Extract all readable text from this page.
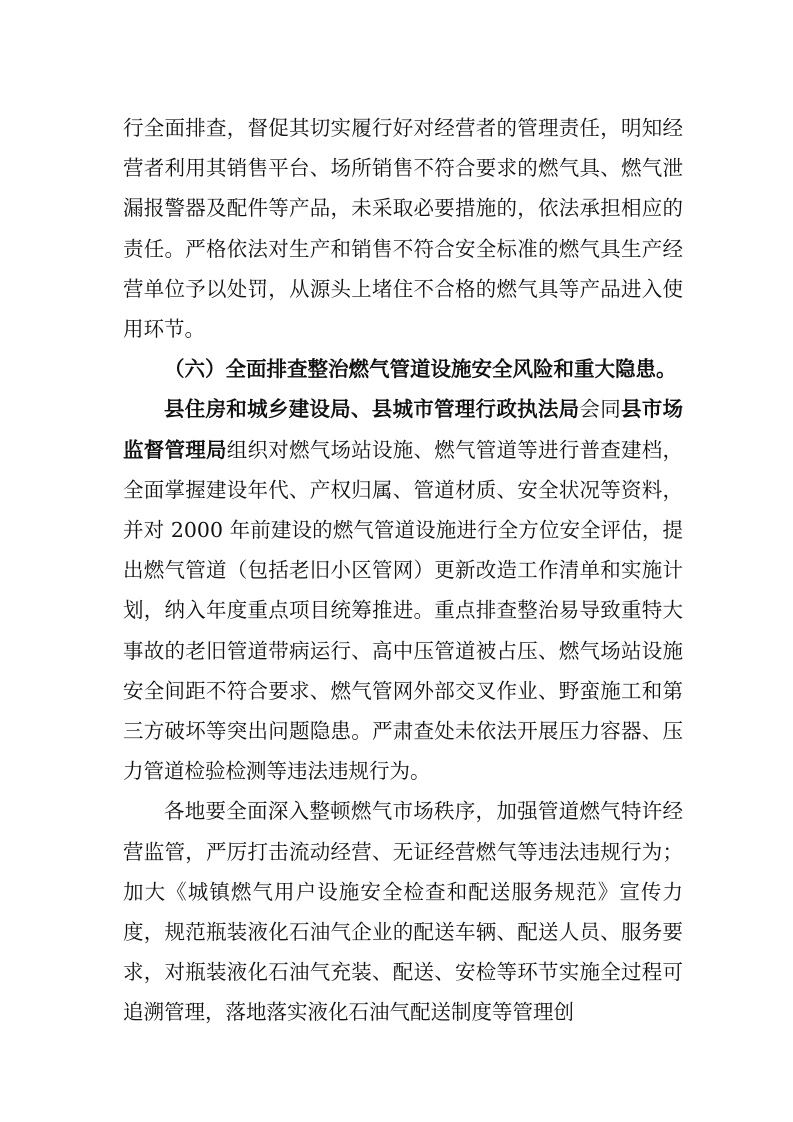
行全面排查，督促其切实履行好对经营者的管理责任，明知经营者利用其销售平台、场所销售不符合要求的燃气具、燃气泄漏报警器及配件等产品，未采取必要措施的，依法承担相应的责任。严格依法对生产和销售不符合安全标准的燃气具生产经营单位予以处罚，从源头上堵住不合格的燃气具等产品进入使用环节。

（六）全面排查整治燃气管道设施安全风险和重大隐患。

县住房和城乡建设局、县城市管理行政执法局会同县市场监督管理局组织对燃气场站设施、燃气管道等进行普查建档，全面掌握建设年代、产权归属、管道材质、安全状况等资料，并对 2000 年前建设的燃气管道设施进行全方位安全评估，提出燃气管道（包括老旧小区管网）更新改造工作清单和实施计划，纳入年度重点项目统筹推进。重点排查整治易导致重特大事故的老旧管道带病运行、高中压管道被占压、燃气场站设施安全间距不符合要求、燃气管网外部交叉作业、野蛮施工和第三方破坏等突出问题隐患。严肃查处未依法开展压力容器、压力管道检验检测等违法违规行为。

各地要全面深入整顿燃气市场秩序，加强管道燃气特许经营监管，严厉打击流动经营、无证经营燃气等违法违规行为；加大《城镇燃气用户设施安全检查和配送服务规范》宣传力度，规范瓶装液化石油气企业的配送车辆、配送人员、服务要求，对瓶装液化石油气充装、配送、安检等环节实施全过程可追溯管理，落地落实液化石油气配送制度等管理创
